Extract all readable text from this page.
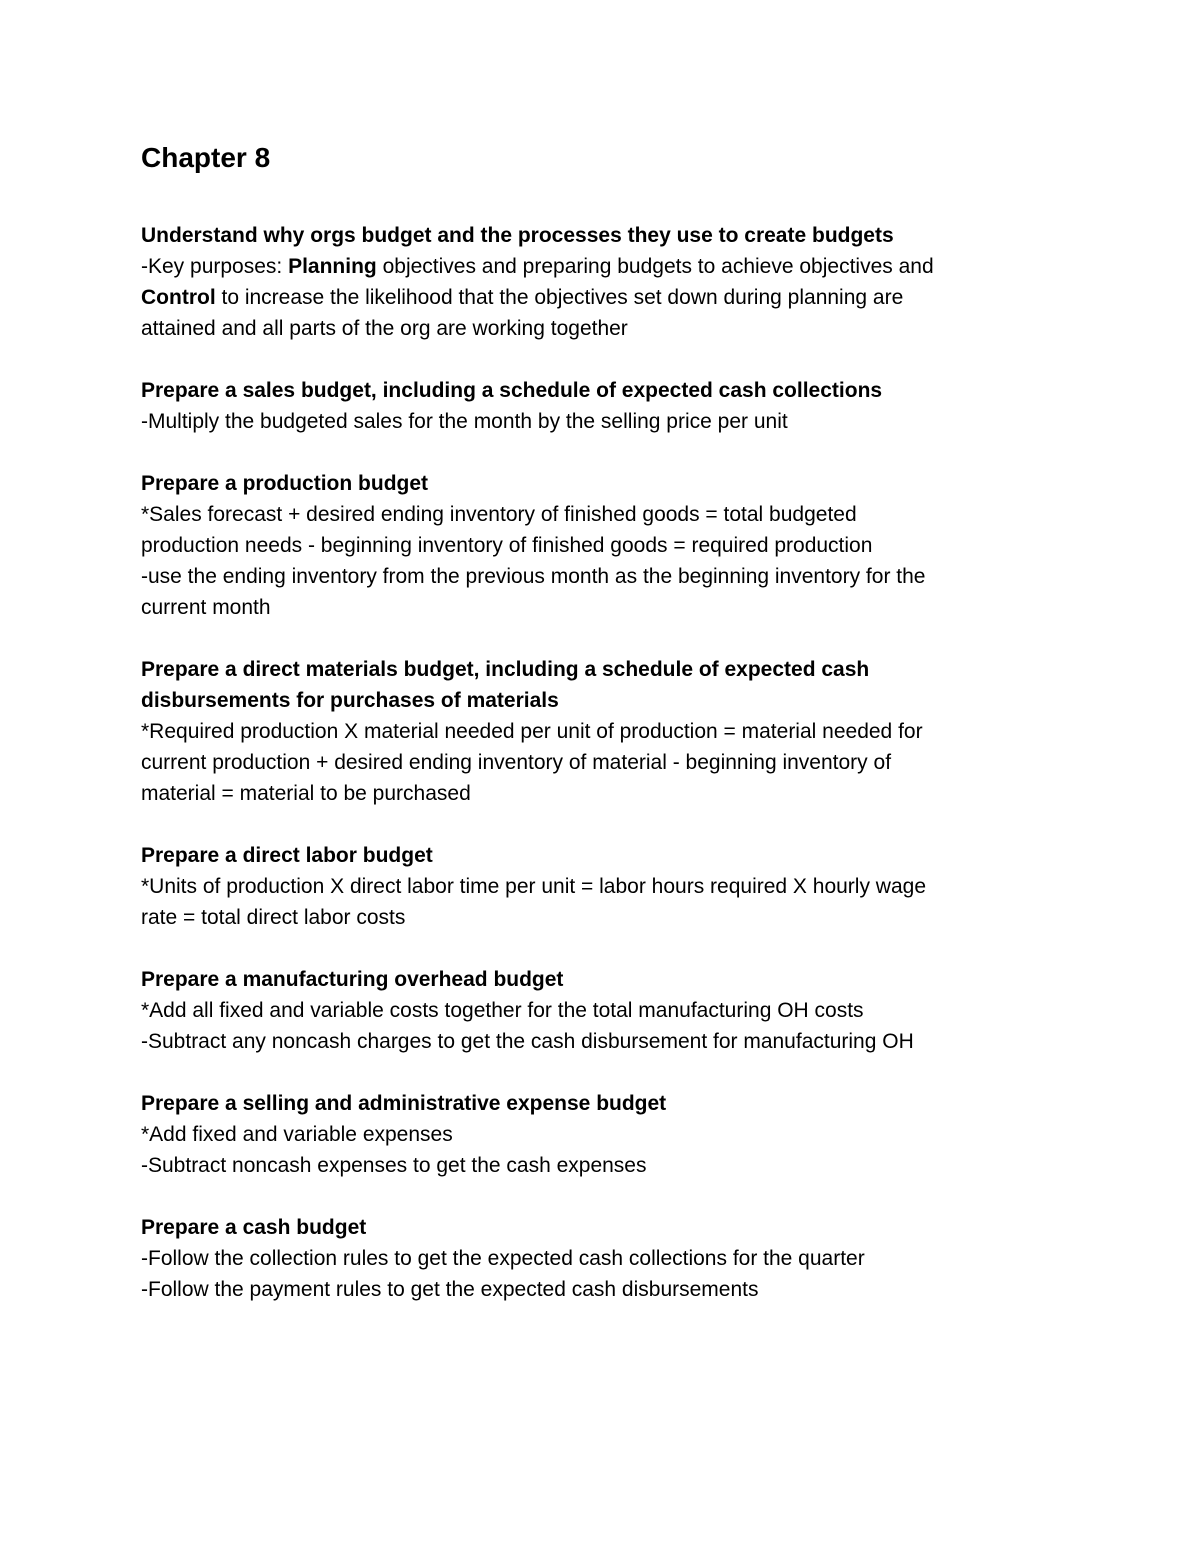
Chapter 8

Understand why orgs budget and the processes they use to create budgets

-Key purposes: Planning objectives and preparing budgets to achieve objectives and

Control to increase the likelihood that the objectives set down during planning are

attained and all parts of the org are working together

Prepare a sales budget, including a schedule of expected cash collections

-Multiply the budgeted sales for the month by the selling price per unit

Prepare a production budget

*Sales forecast + desired ending inventory of finished goods = total budgeted

production needs - beginning inventory of finished goods = required production

-use the ending inventory from the previous month as the beginning inventory for the

current month

Prepare a direct materials budget, including a schedule of expected cash

disbursements for purchases of materials

*Required production X material needed per unit of production = material needed for

current production + desired ending inventory of material - beginning inventory of

material = material to be purchased

Prepare a direct labor budget

*Units of production X direct labor time per unit = labor hours required X hourly wage

rate = total direct labor costs

Prepare a manufacturing overhead budget

*Add all fixed and variable costs together for the total manufacturing OH costs

-Subtract any noncash charges to get the cash disbursement for manufacturing OH

Prepare a selling and administrative expense budget

*Add fixed and variable expenses

-Subtract noncash expenses to get the cash expenses

Prepare a cash budget

-Follow the collection rules to get the expected cash collections for the quarter

-Follow the payment rules to get the expected cash disbursements
